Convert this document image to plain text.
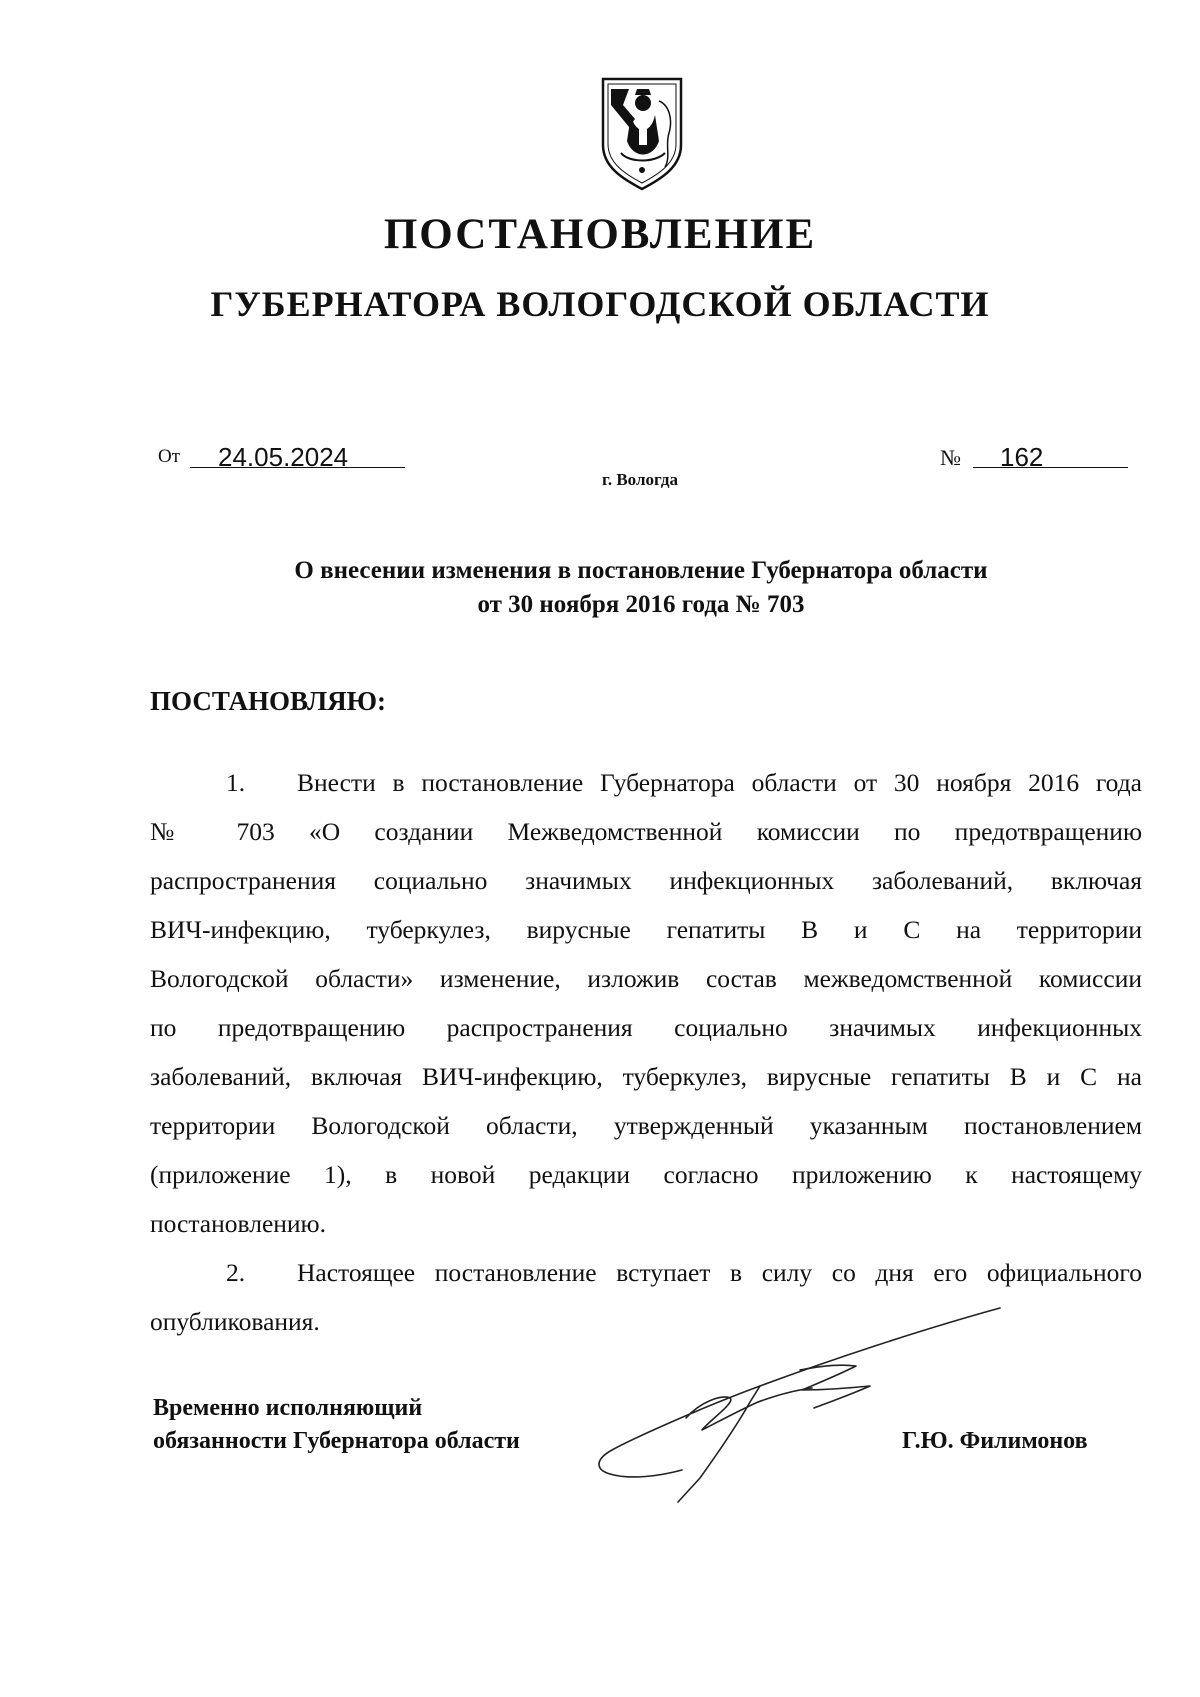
ПОСТАНОВЛЕНИЕ
ГУБЕРНАТОРА ВОЛОГОДСКОЙ ОБЛАСТИ
От 24.05.2024	№ 162
г. Вологда
О внесении изменения в постановление Губернатора области
от 30 ноября 2016 года № 703
ПОСТАНОВЛЯЮ:
1. Внести в постановление Губернатора области от 30 ноября 2016 года
№ 703 «О создании Межведомственной комиссии по предотвращению
распространения социально значимых инфекционных заболеваний, включая
ВИЧ-инфекцию, туберкулез, вирусные гепатиты В и С на территории
Вологодской области» изменение, изложив состав межведомственной комиссии
по предотвращению распространения социально значимых инфекционных
заболеваний, включая ВИЧ-инфекцию, туберкулез, вирусные гепатиты В и С на
территории Вологодской области, утвержденный указанным постановлением
(приложение 1), в новой редакции согласно приложению к настоящему
постановлению.
2. Настоящее постановление вступает в силу со дня его официального
опубликования.
Временно исполняющий
обязанности Губернатора области	Г.Ю. Филимонов
